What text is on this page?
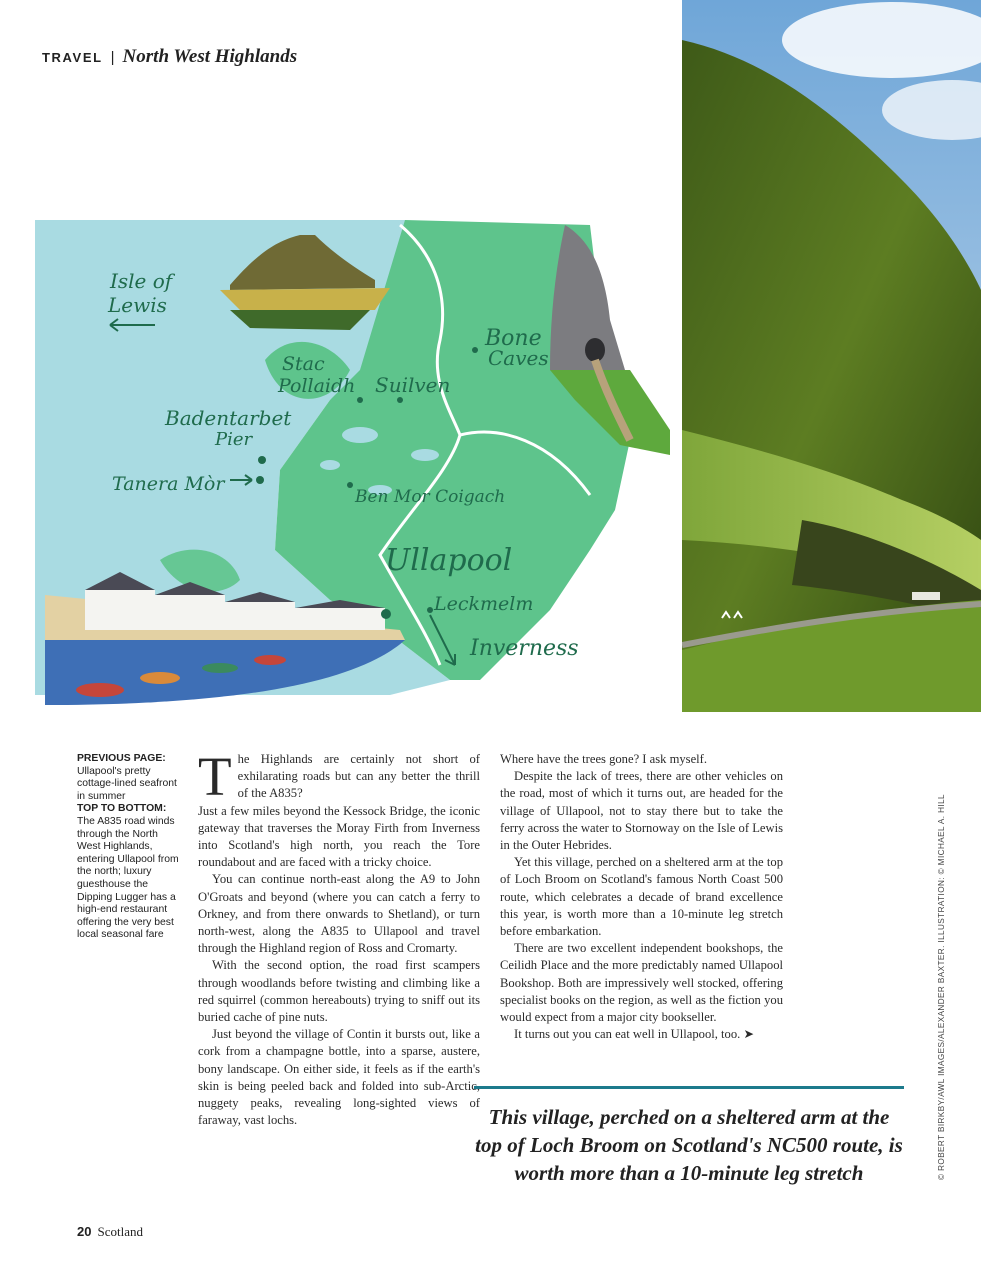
TRAVEL | North West Highlands
Isle of
Lewis
Stac
Pollaidh Suilven
Bone
Caves
Badentarbet
Pier
Tanera Mòr
Ben Mor Coigach
Ullapool
Leckmelm
Inverness
PREVIOUS PAGE:
Ullapool's pretty cottage-lined seafront in summer
TOP TO BOTTOM:
The A835 road winds through the North West Highlands, entering Ullapool from the north; luxury guesthouse the Dipping Lugger has a high-end restaurant offering the very best local seasonal fare

The Highlands are certainly not short of exhilarating roads but can any better the thrill of the A835?

Just a few miles beyond the Kessock Bridge, the iconic gateway that traverses the Moray Firth from Inverness into Scotland's high north, you reach the Tore roundabout and are faced with a tricky choice.

You can continue north-east along the A9 to John O'Groats and beyond (where you can catch a ferry to Orkney, and from there onwards to Shetland), or turn north-west, along the A835 to Ullapool and travel through the Highland region of Ross and Cromarty.

With the second option, the road first scampers through woodlands before twisting and climbing like a red squirrel (common hereabouts) trying to sniff out its buried cache of pine nuts.

Just beyond the village of Contin it bursts out, like a cork from a champagne bottle, into a sparse, austere, bony landscape. On either side, it feels as if the earth's skin is being peeled back and folded into sub-Arctic, nuggety peaks, revealing long-sighted views of faraway, vast lochs.

Where have the trees gone? I ask myself.

Despite the lack of trees, there are other vehicles on the road, most of which it turns out, are headed for the village of Ullapool, not to stay there but to take the ferry across the water to Stornoway on the Isle of Lewis in the Outer Hebrides.

Yet this village, perched on a sheltered arm at the top of Loch Broom on Scotland's famous North Coast 500 route, which celebrates a decade of brand excellence this year, is worth more than a 10-minute leg stretch before embarkation.

There are two excellent independent bookshops, the Ceilidh Place and the more predictably named Ullapool Bookshop. Both are impressively well stocked, offering specialist books on the region, as well as the fiction you would expect from a major city bookseller.

It turns out you can eat well in Ullapool, too. ➤

This village, perched on a sheltered arm at the top of Loch Broom on Scotland's NC500 route, is worth more than a 10-minute leg stretch	© ROBERT BIRKBY/AWL IMAGES/ALEXANDER BAXTER. ILLUSTRATION: © MICHAEL A. HILL
20 Scotland
